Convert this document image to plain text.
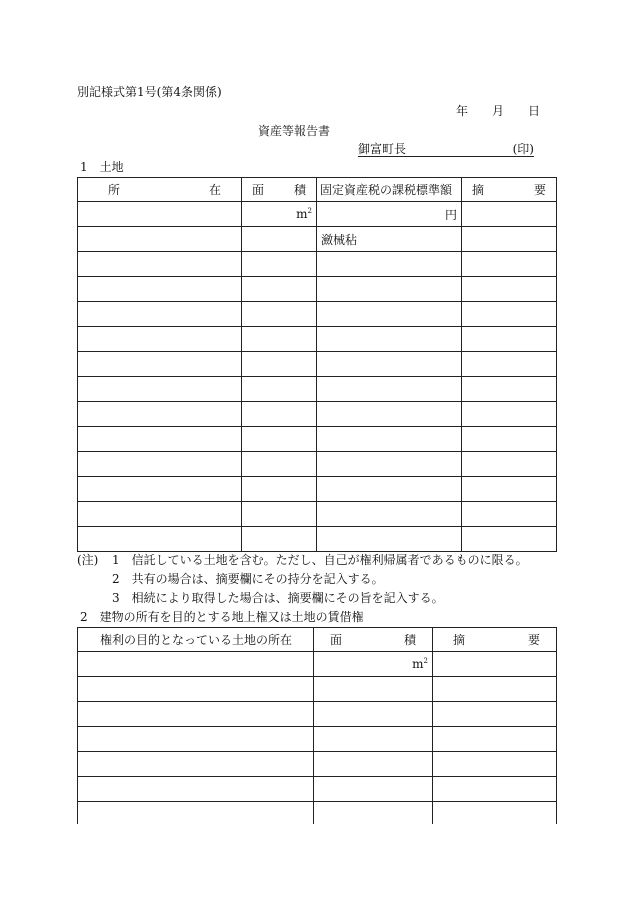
別記様式第1号(第4条関係)
年 月 日
資産等報告書
御富町長	(印)
1　土地
所　　　在	面　　積	固定資産税の課税標準額	摘　　要

	$m^2$	円	
		瀲械秥	

(注) 1　信託している土地を含む。ただし、自己が権利帰属者であるものに限る。
2　共有の場合は、摘要欄にその持分を記入する。
3　相続により取得した場合は、摘要欄にその旨を記入する。
2　建物の所有を目的とする地上権又は土地の賃借権
権利の目的となっている土地の所在	面　　積	摘　　要

	$m^2$	
